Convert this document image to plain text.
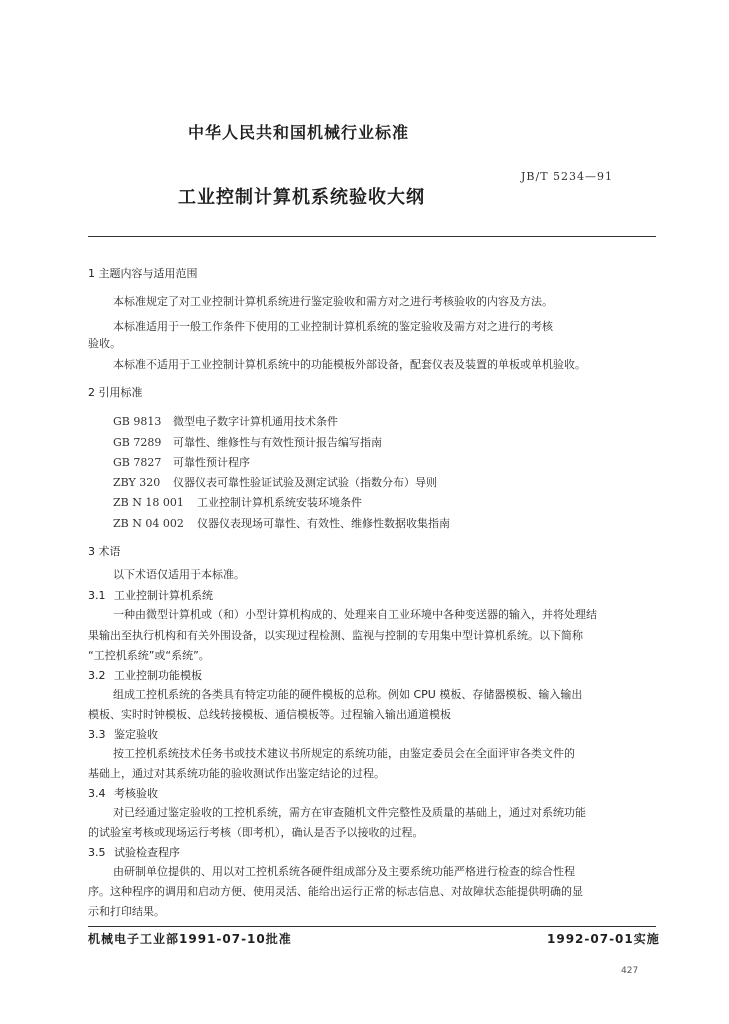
中华人民共和国机械行业标准
JB/T 5234—91
工业控制计算机系统验收大纲
1 主题内容与适用范围
本标准规定了对工业控制计算机系统进行鉴定验收和需方对之进行考核验收的内容及方法。
本标准适用于一般工作条件下使用的工业控制计算机系统的鉴定验收及需方对之进行的考核
验收。
本标准不适用于工业控制计算机系统中的功能模板外部设备，配套仪表及装置的单板或单机验收。
2 引用标准
GB 9813 微型电子数字计算机通用技术条件
GB 7289 可靠性、维修性与有效性预计报告编写指南
GB 7827 可靠性预计程序
ZBY 320 仪器仪表可靠性验证试验及测定试验（指数分布）导则
ZB N 18 001 工业控制计算机系统安装环境条件
ZB N 04 002 仪器仪表现场可靠性、有效性、维修性数据收集指南
3 术语
以下术语仅适用于本标准。
3.1 工业控制计算机系统
一种由微型计算机或（和）小型计算机构成的、处理来自工业环境中各种变送器的输入，并将处理结
果输出至执行机构和有关外围设备，以实现过程检测、监视与控制的专用集中型计算机系统。以下简称
“工控机系统”或“系统”。
3.2 工业控制功能模板
组成工控机系统的各类具有特定功能的硬件模板的总称。例如 CPU 模板、存储器模板、输入输出
模板、实时时钟模板、总线转接模板、通信模板等。过程输入输出通道模板
3.3 鉴定验收
按工控机系统技术任务书或技术建议书所规定的系统功能，由鉴定委员会在全面评审各类文件的
基础上，通过对其系统功能的验收测试作出鉴定结论的过程。
3.4 考核验收
对已经通过鉴定验收的工控机系统，需方在审查随机文件完整性及质量的基础上，通过对系统功能
的试验室考核或现场运行考核（即考机），确认是否予以接收的过程。
3.5 试验检查程序
由研制单位提供的、用以对工控机系统各硬件组成部分及主要系统功能严格进行检查的综合性程
序。这种程序的调用和启动方便、使用灵活、能给出运行正常的标志信息、对故障状态能提供明确的显
示和打印结果。
机械电子工业部1991-07-10批准	1992-07-01实施
427
